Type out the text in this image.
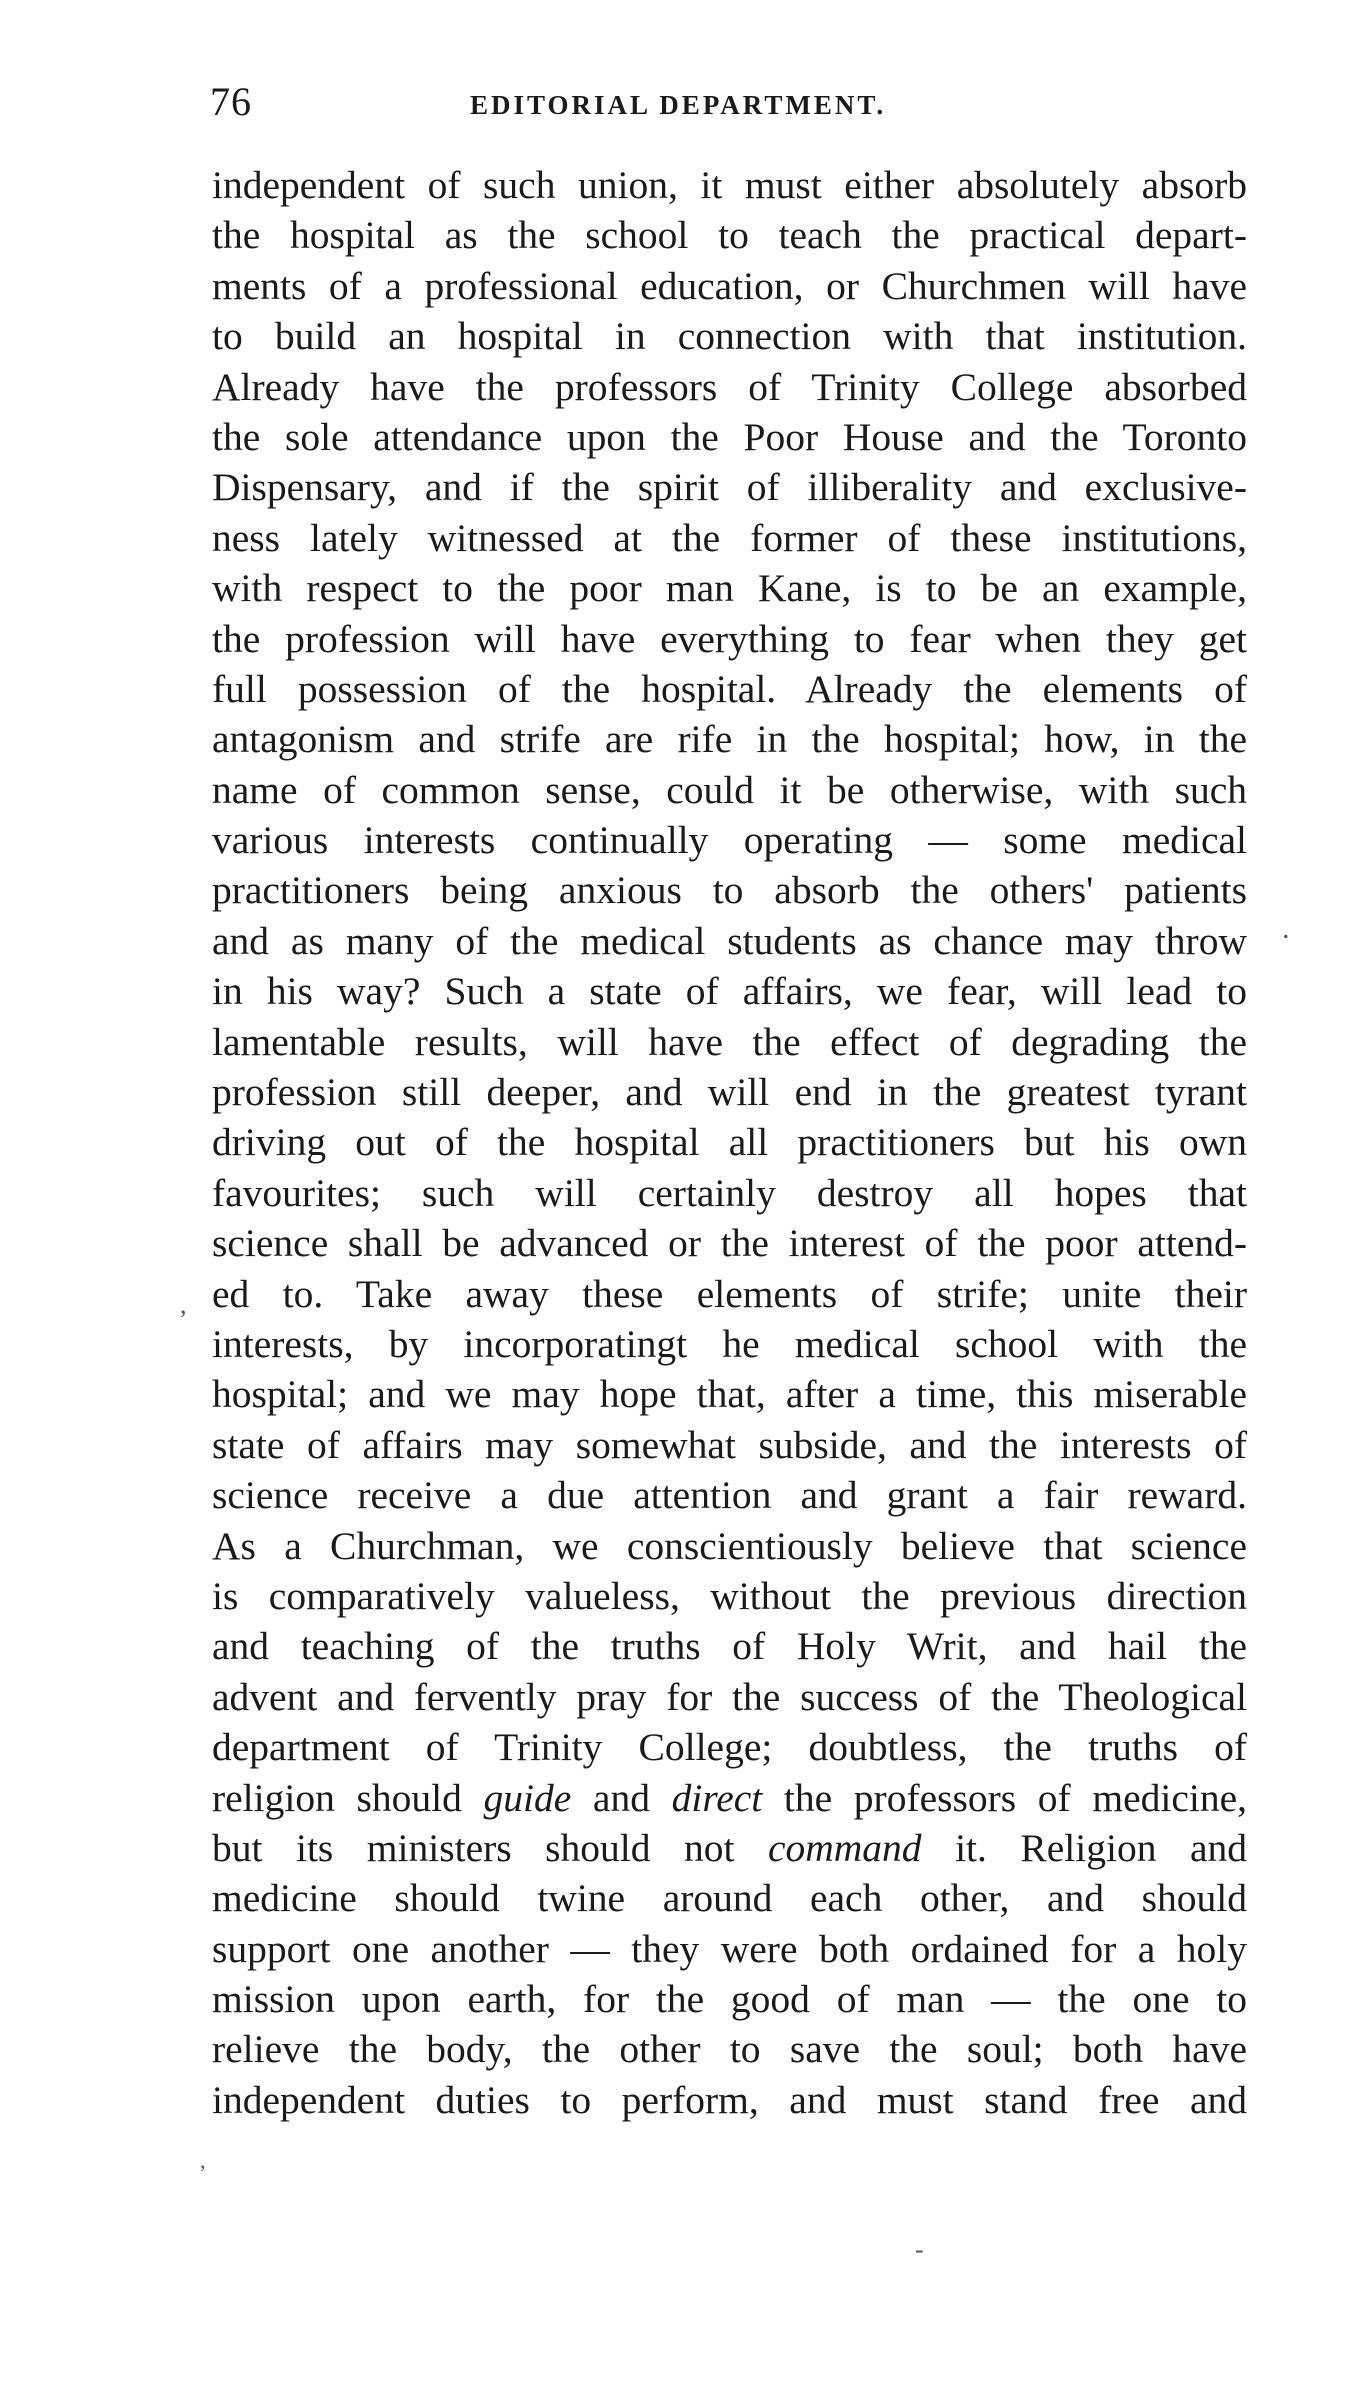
76	EDITORIAL DEPARTMENT.
independent of such union, it must either absolutely absorb
the hospital as the school to teach the practical depart-
ments of a professional education, or Churchmen will have
to build an hospital in connection with that institution.
Already have the professors of Trinity College absorbed
the sole attendance upon the Poor House and the Toronto
Dispensary, and if the spirit of illiberality and exclusive-
ness lately witnessed at the former of these institutions,
with respect to the poor man Kane, is to be an example,
the profession will have everything to fear when they get
full possession of the hospital. Already the elements of
antagonism and strife are rife in the hospital; how, in the
name of common sense, could it be otherwise, with such
various interests continually operating — some medical
practitioners being anxious to absorb the others' patients
and as many of the medical students as chance may throw
in his way? Such a state of affairs, we fear, will lead to
lamentable results, will have the effect of degrading the
profession still deeper, and will end in the greatest tyrant
driving out of the hospital all practitioners but his own
favourites; such will certainly destroy all hopes that
science shall be advanced or the interest of the poor attend-
ed to. Take away these elements of strife; unite their
interests, by incorporatingt he medical school with the
hospital; and we may hope that, after a time, this miserable
state of affairs may somewhat subside, and the interests of
science receive a due attention and grant a fair reward.
As a Churchman, we conscientiously believe that science
is comparatively valueless, without the previous direction
and teaching of the truths of Holy Writ, and hail the
advent and fervently pray for the success of the Theological
department of Trinity College; doubtless, the truths of
religion should guide and direct the professors of medicine,
but its ministers should not command it. Religion and
medicine should twine around each other, and should
support one another — they were both ordained for a holy
mission upon earth, for the good of man — the one to
relieve the body, the other to save the soul; both have
independent duties to perform, and must stand free and
.
,
,
-
